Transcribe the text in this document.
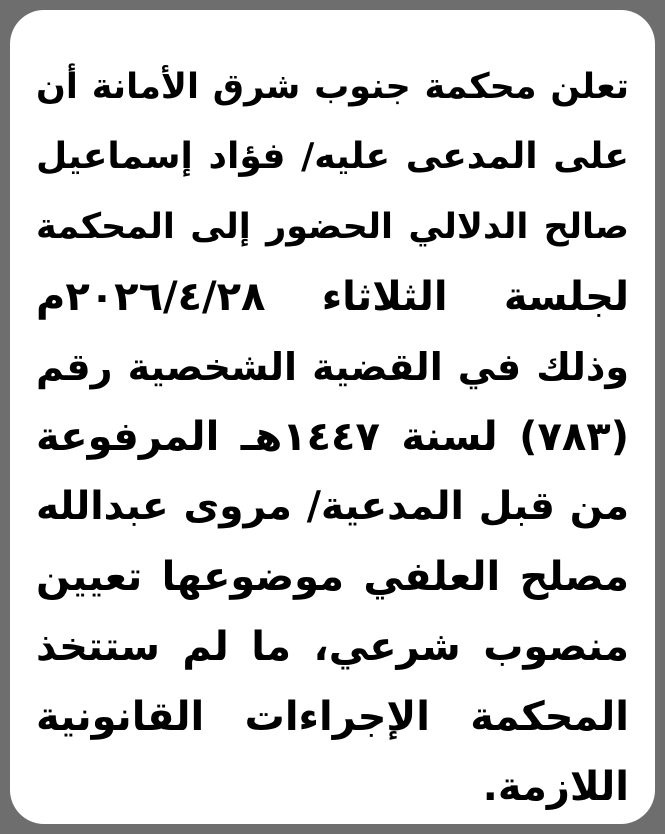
تعلن محكمة جنوب شرق الأمانة أن
على المدعى عليه/ فؤاد إسماعيل
صالح الدلالي الحضور إلى المحكمة
لجلسة الثلاثاء ٢٠٢٦/٤/٢٨م
وذلك في القضية الشخصية رقم
(٧٨٣) لسنة ١٤٤٧هـ المرفوعة
من قبل المدعية/ مروى عبدالله
مصلح العلفي موضوعها تعيين
منصوب شرعي، ما لم ستتخذ
المحكمة الإجراءات القانونية
اللازمة.
